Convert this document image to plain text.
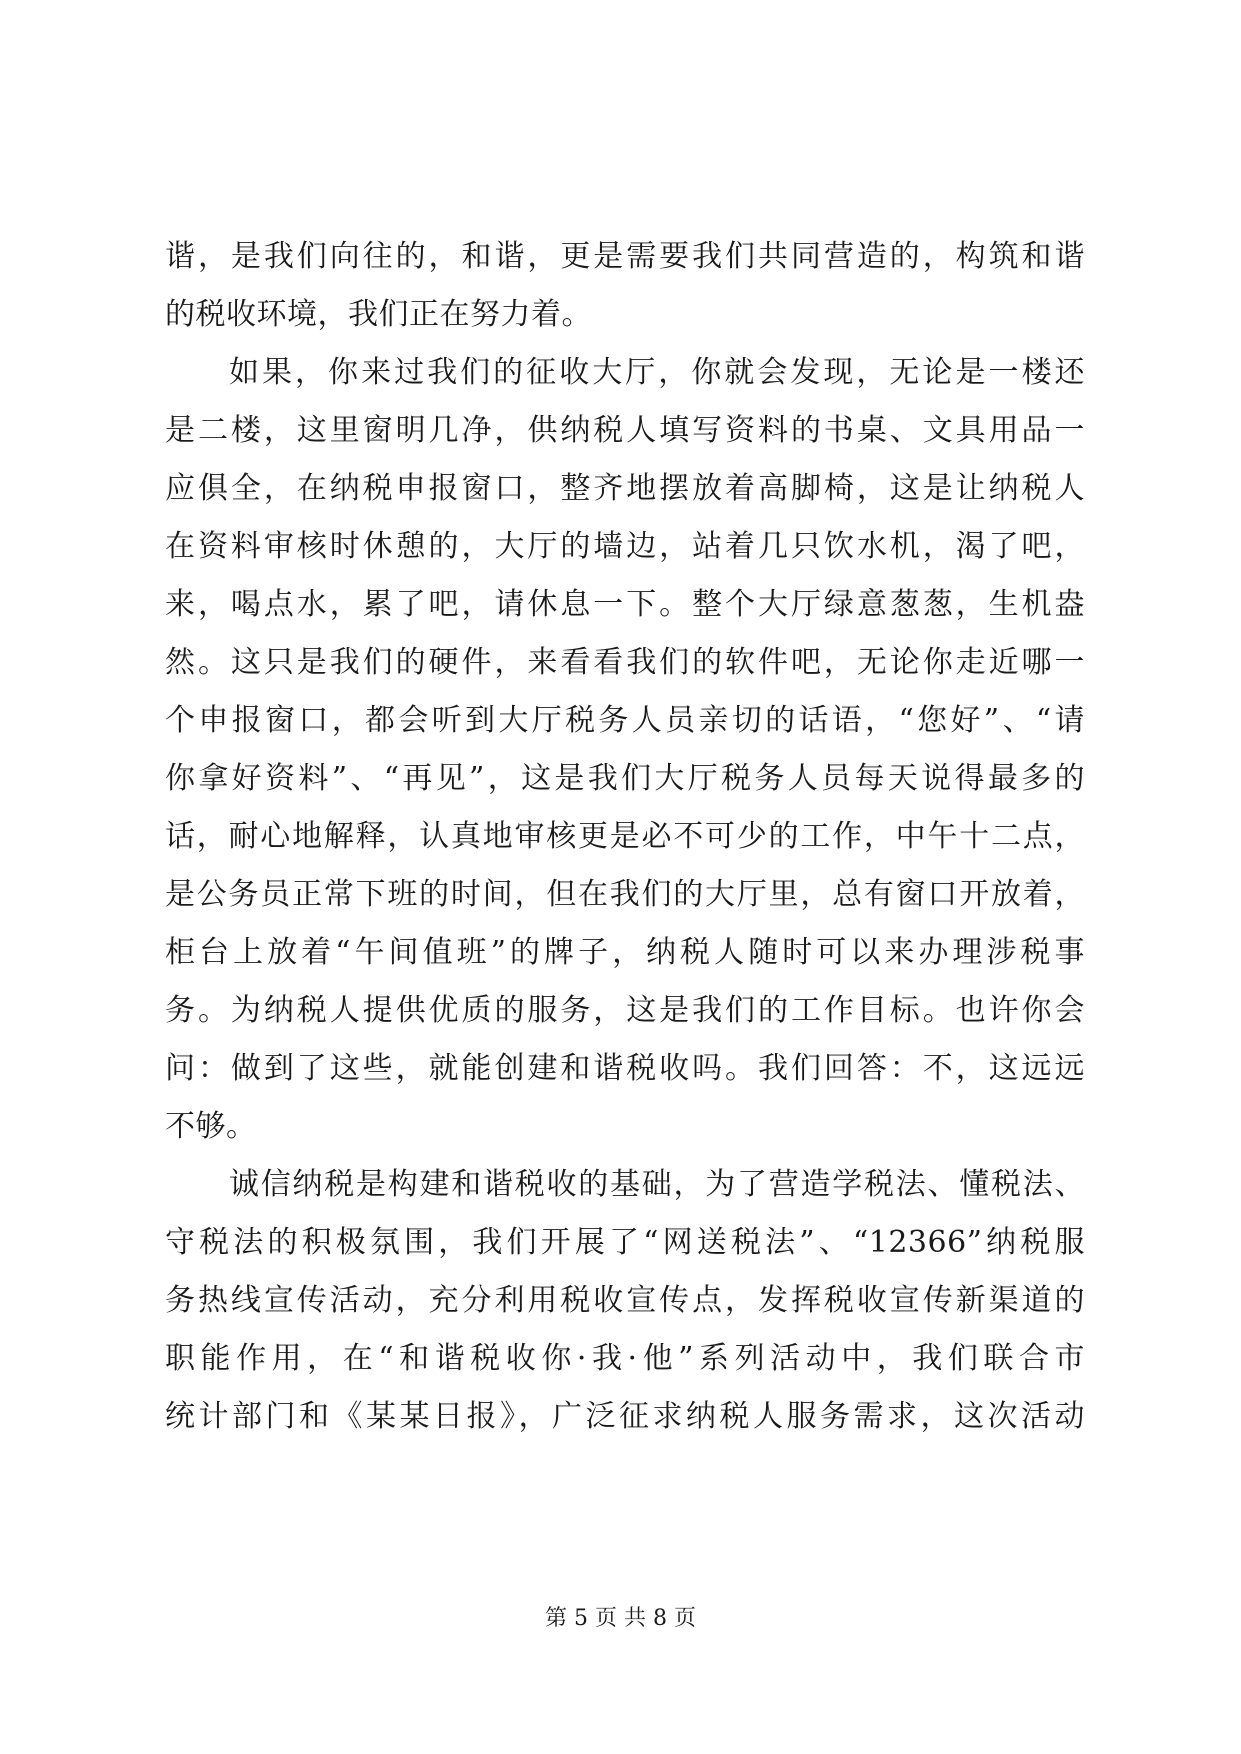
谐，是我们向往的，和谐，更是需要我们共同营造的，构筑和谐
的税收环境，我们正在努力着。
如果，你来过我们的征收大厅，你就会发现，无论是一楼还
是二楼，这里窗明几净，供纳税人填写资料的书桌、文具用品一
应俱全，在纳税申报窗口，整齐地摆放着高脚椅，这是让纳税人
在资料审核时休憩的，大厅的墙边，站着几只饮水机，渴了吧，
来，喝点水，累了吧，请休息一下。整个大厅绿意葱葱，生机盎
然。这只是我们的硬件，来看看我们的软件吧，无论你走近哪一
个申报窗口，都会听到大厅税务人员亲切的话语，“您好”、“请
你拿好资料”、“再见”，这是我们大厅税务人员每天说得最多的
话，耐心地解释，认真地审核更是必不可少的工作，中午十二点，
是公务员正常下班的时间，但在我们的大厅里，总有窗口开放着，
柜台上放着“午间值班”的牌子，纳税人随时可以来办理涉税事
务。为纳税人提供优质的服务，这是我们的工作目标。也许你会
问：做到了这些，就能创建和谐税收吗。我们回答：不，这远远
不够。
诚信纳税是构建和谐税收的基础，为了营造学税法、懂税法、
守税法的积极氛围，我们开展了“网送税法”、“12366”纳税服
务热线宣传活动，充分利用税收宣传点，发挥税收宣传新渠道的
职能作用，在“和谐税收你·我·他”系列活动中，我们联合市
统计部门和《某某日报》，广泛征求纳税人服务需求，这次活动
第 5 页 共 8 页
